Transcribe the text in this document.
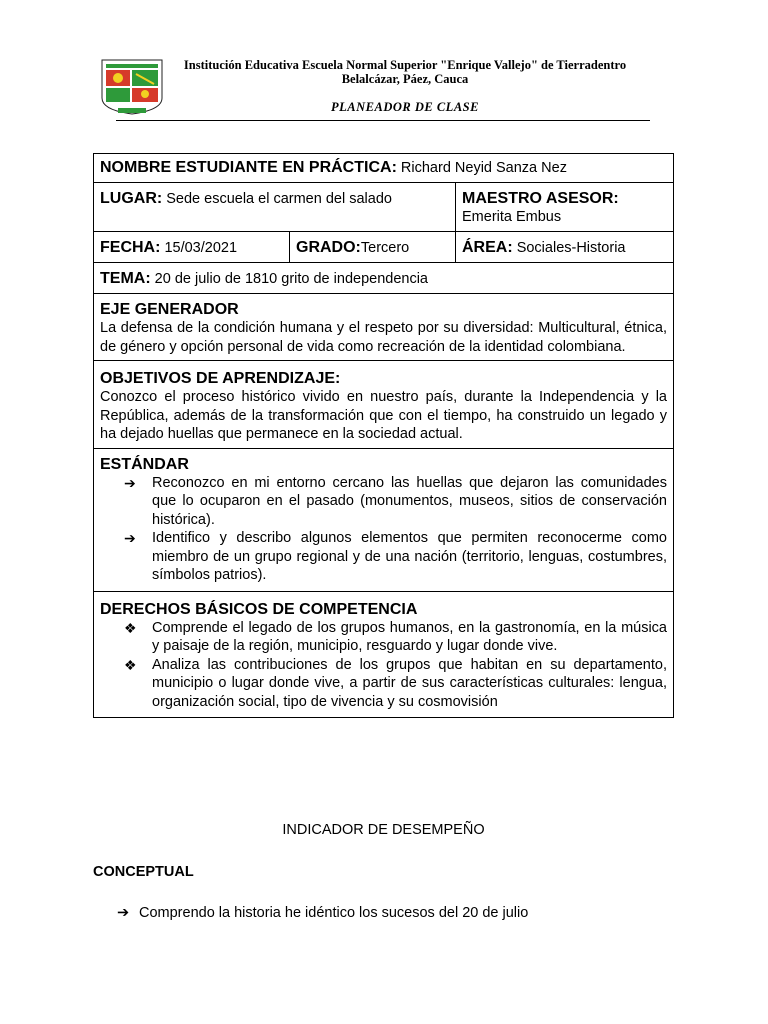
Institución Educativa Escuela Normal Superior "Enrique Vallejo" de Tierradentro
Belalcázar, Páez, Cauca
PLANEADOR DE CLASE
NOMBRE ESTUDIANTE EN PRÁCTICA: Richard Neyid Sanza Nez
LUGAR: Sede escuela el carmen del salado	MAESTRO ASESOR:
Emerita Embus
FECHA: 15/03/2021	GRADO:Tercero	ÁREA: Sociales-Historia
TEMA: 20 de julio de 1810 grito de independencia
EJE GENERADOR
La defensa de la condición humana y el respeto por su diversidad: Multicultural, étnica, de género y opción personal de vida como recreación de la identidad colombiana.
OBJETIVOS DE APRENDIZAJE:
Conozco el proceso histórico vivido en nuestro país, durante la Independencia y la República, además de la transformación que con el tiempo, ha construido un legado y ha dejado huellas que permanece en la sociedad actual.
ESTÁNDAR
➔	Reconozco en mi entorno cercano las huellas que dejaron las comunidades que lo ocuparon en el pasado (monumentos, museos, sitios de conservación histórica).
➔	Identifico y describo algunos elementos que permiten reconocerme como miembro de un grupo regional y de una nación (territorio, lenguas, costumbres, símbolos patrios).
DERECHOS BÁSICOS DE COMPETENCIA
❖	Comprende el legado de los grupos humanos, en la gastronomía, en la música y paisaje de la región, municipio, resguardo y lugar donde vive.
❖	Analiza las contribuciones de los grupos que habitan en su departamento, municipio o lugar donde vive, a partir de sus características culturales: lengua, organización social, tipo de vivencia y su cosmovisión
INDICADOR DE DESEMPEÑO
CONCEPTUAL
➔ Comprendo la historia he idéntico los sucesos del 20 de julio
